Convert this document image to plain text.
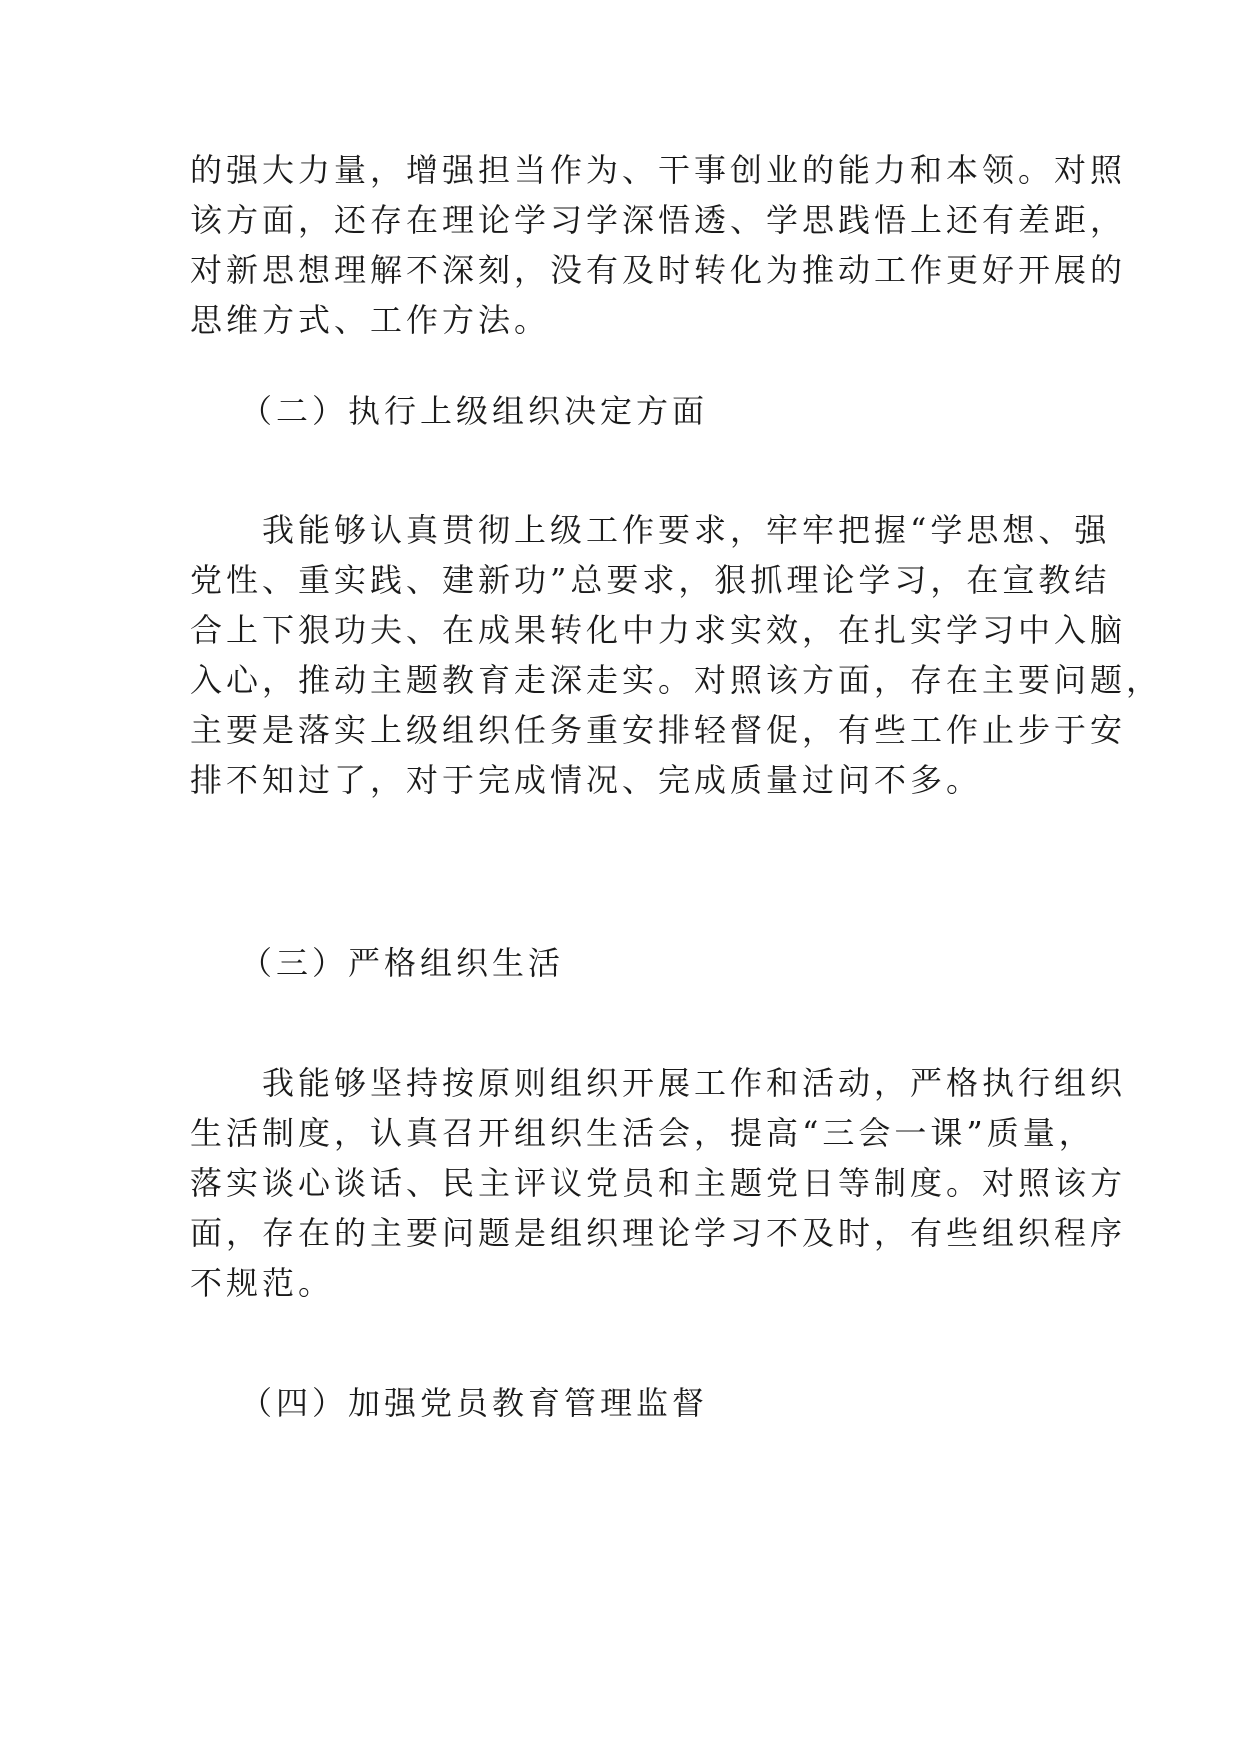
的强大力量，增强担当作为、干事创业的能力和本领。对照
该方面，还存在理论学习学深悟透、学思践悟上还有差距，
对新思想理解不深刻，没有及时转化为推动工作更好开展的
思维方式、工作方法。
（二）执行上级组织决定方面
　　我能够认真贯彻上级工作要求，牢牢把握“学思想、强
党性、重实践、建新功”总要求，狠抓理论学习，在宣教结
合上下狠功夫、在成果转化中力求实效，在扎实学习中入脑
入心，推动主题教育走深走实。对照该方面，存在主要问题，
主要是落实上级组织任务重安排轻督促，有些工作止步于安
排不知过了，对于完成情况、完成质量过问不多。
（三）严格组织生活
　　我能够坚持按原则组织开展工作和活动，严格执行组织
生活制度，认真召开组织生活会，提高“三会一课”质量，
落实谈心谈话、民主评议党员和主题党日等制度。对照该方
面，存在的主要问题是组织理论学习不及时，有些组织程序
不规范。
（四）加强党员教育管理监督
